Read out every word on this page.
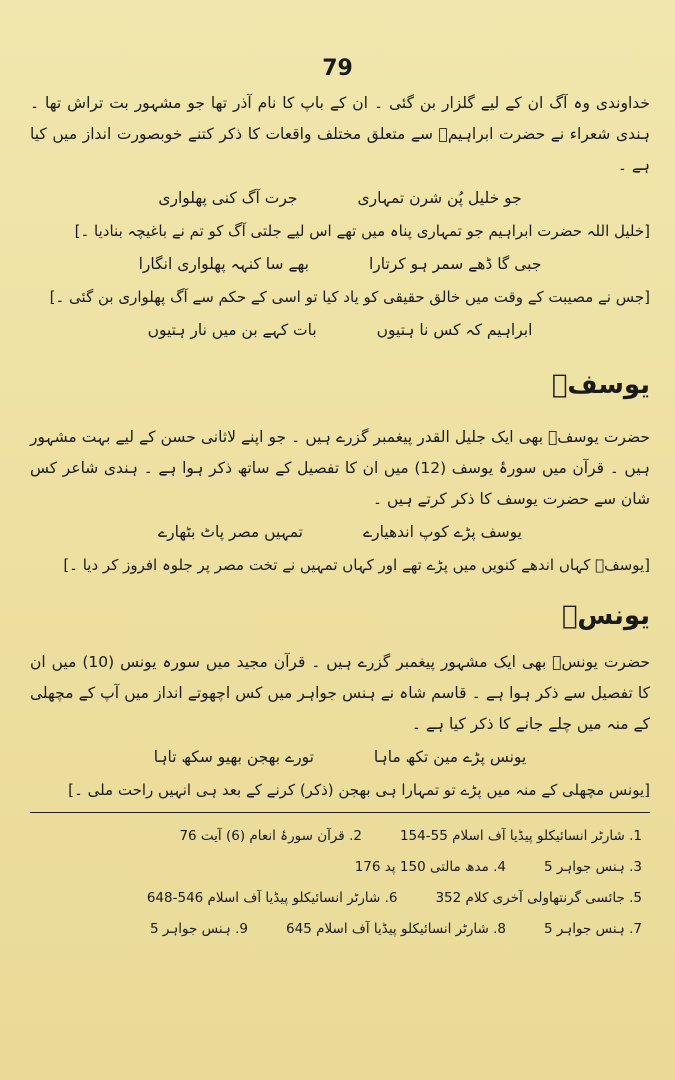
79

خداوندی وہ آگ ان کے لیے گلزار بن گئی ۔ ان کے باپ کا نام آذر تھا جو مشہور بت تراش تھا ۔ ہندی شعراء نے حضرت ابراہیمؑ سے متعلق مختلف واقعات کا ذکر کتنے خوبصورت انداز میں کیا ہے ۔

جو خلیل پُن شرن تمہاری
جرت آگ کنی پھلواری

[خلیل اللہ حضرت ابراہیم جو تمہاری پناہ میں تھے اس لیے جلتی آگ کو تم نے باغیچہ بنادیا ۔]

جبی گا ڈھے سمر ہو کرتارا
بھے سا کنہہ پھلواری انگارا

[جس نے مصیبت کے وقت میں خالق حقیقی کو یاد کیا تو اسی کے حکم سے آگ پھلواری بن گئی ۔]

ابراہیم کہ کس نا ہتیوں
بات کہے بن میں نار ہتیوں
یوسفؑ

حضرت یوسفؑ بھی ایک جلیل القدر پیغمبر گزرے ہیں ۔ جو اپنے لاثانی حسن کے لیے بہت مشہور ہیں ۔ قرآن میں سورۂ یوسف (12) میں ان کا تفصیل کے ساتھ ذکر ہوا ہے ۔ ہندی شاعر کس شان سے حضرت یوسف کا ذکر کرتے ہیں ۔

یوسف پڑے کوپ اندھیارے
تمہیں مصر پاٹ بٹھارے

[یوسفؑ کہاں اندھے کنویں میں پڑے تھے اور کہاں تمہیں نے تخت مصر پر جلوہ افروز کر دیا ۔]

یونسؑ

حضرت یونسؑ بھی ایک مشہور پیغمبر گزرے ہیں ۔ قرآن مجید میں سورہ یونس (10) میں ان کا تفصیل سے ذکر ہوا ہے ۔ قاسم شاہ نے ہنس جواہر میں کس اچھوتے انداز میں آپ کے مچھلی کے منہ میں چلے جانے کا ذکر کیا ہے ۔

یونس پڑے مین تکھ ماہا
تورے بھجن بھیو سکھ تاہا

[یونس مچھلی کے منہ میں پڑے تو تمہارا ہی بھجن (ذکر) کرنے کے بعد ہی انہیں راحت ملی ۔]

1. شارٹر انسائیکلو پیڈیا آف اسلام 55-154
2. قرآن سورۂ انعام (6) آیت 76
3. ہنس جواہر 5
4. مدھ مالتی 150 پد 176
5. جائسی گرنتھاولی آخری کلام 352
6. شارٹر انسائیکلو پیڈیا آف اسلام 546-648
7. ہنس جواہر 5
8. شارٹر انسائیکلو پیڈیا آف اسلام 645
9. ہنس جواہر 5
